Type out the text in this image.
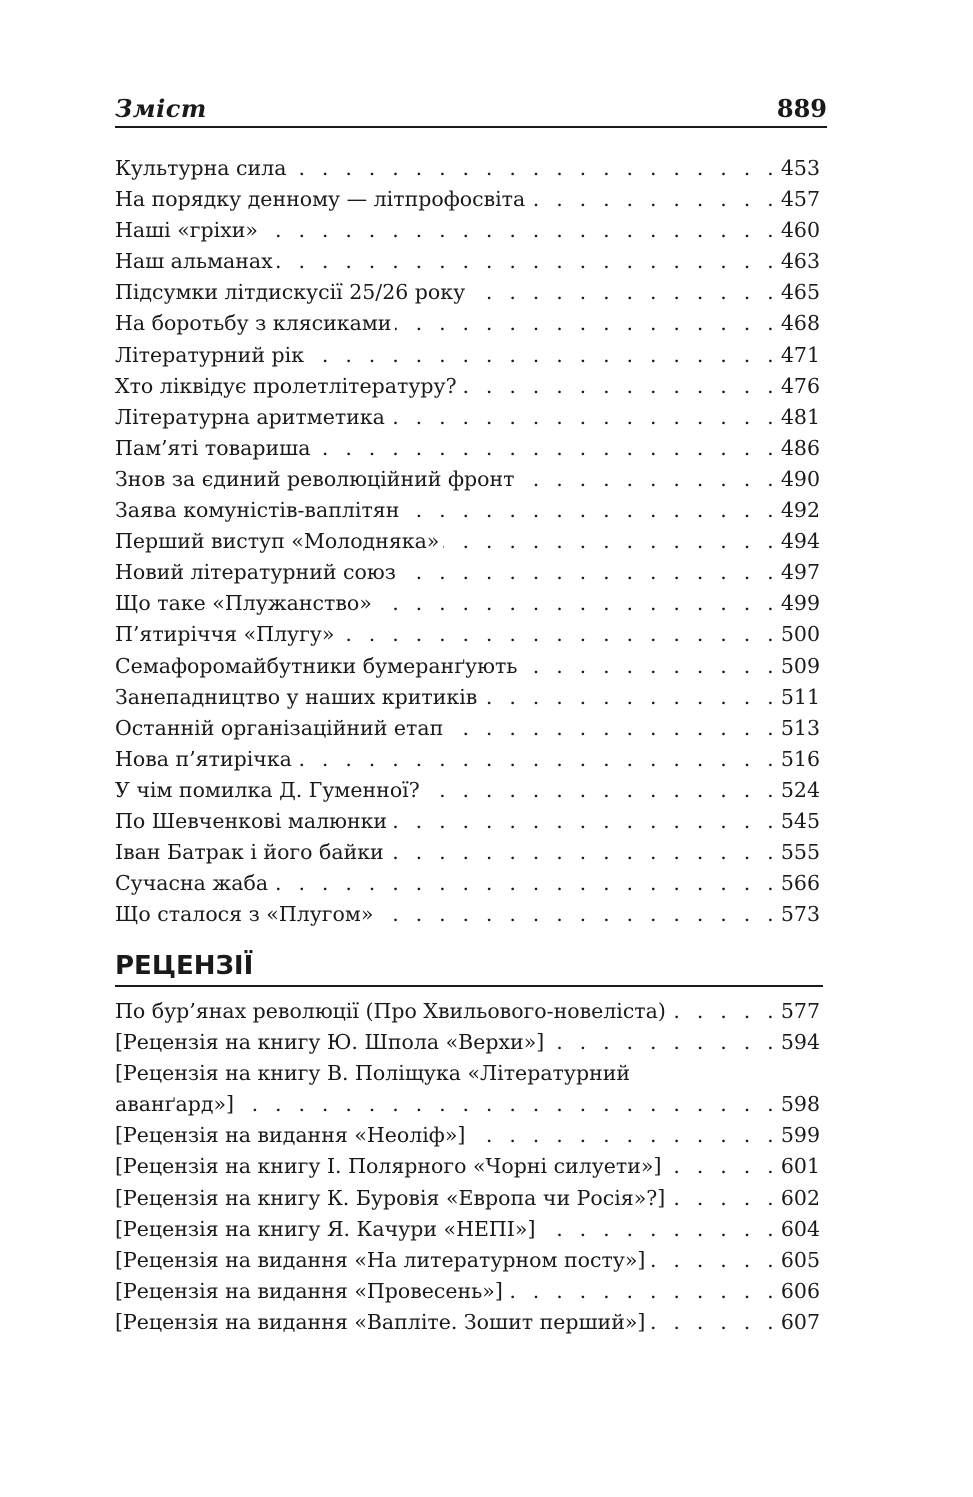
Зміст	889
Культурна сила . . .	453
На порядку денному — літпрофосвіта . . .	457
Наші «гріхи» . . .	460
Наш альманах . . .	463
Підсумки літдискусії 25/26 року . . .	465
На боротьбу з клясиками . . .	468
Літературний рік . . .	471
Хто ліквідує пролетлітературу? . . .	476
Літературна аритметика . . .	481
Пам’яті товариша . . .	486
Знов за єдиний революційний фронт . . .	490
Заява комуністів-ваплітян . . .	492
Перший виступ «Молодняка» . . .	494
Новий літературний союз . . .	497
Що таке «Плужанство» . . .	499
П’ятиріччя «Плугу» . . .	500
Семафоромайбутники бумеранґують . . .	509
Занепадництво у наших критиків . . .	511
Останній організаційний етап . . .	513
Нова п’ятирічка . . .	516
У чім помилка Д. Гуменної? . . .	524
По Шевченкові малюнки . . .	545
Іван Батрак і його байки . . .	555
Сучасна жаба . . .	566
Що сталося з «Плугом» . . .	573
РЕЦЕНЗІЇ
По бур’янах революції (Про Хвильового-новеліста) . . .	577
[Рецензія на книгу Ю. Шпола «Верхи»] . . .	594
[Рецензія на книгу В. Поліщука «Літературний
аванґард»] . . .	598
[Рецензія на видання «Неоліф»] . . .	599
[Рецензія на книгу І. Полярного «Чорні силуети»] . . .	601
[Рецензія на книгу К. Буровія «Европа чи Росія»?] . . .	602
[Рецензія на книгу Я. Качури «НЕПІ»] . . .	604
[Рецензія на видання «На литературном посту»] . . .	605
[Рецензія на видання «Провесень»] . . .	606
[Рецензія на видання «Вапліте. Зошит перший»] . . .	607
